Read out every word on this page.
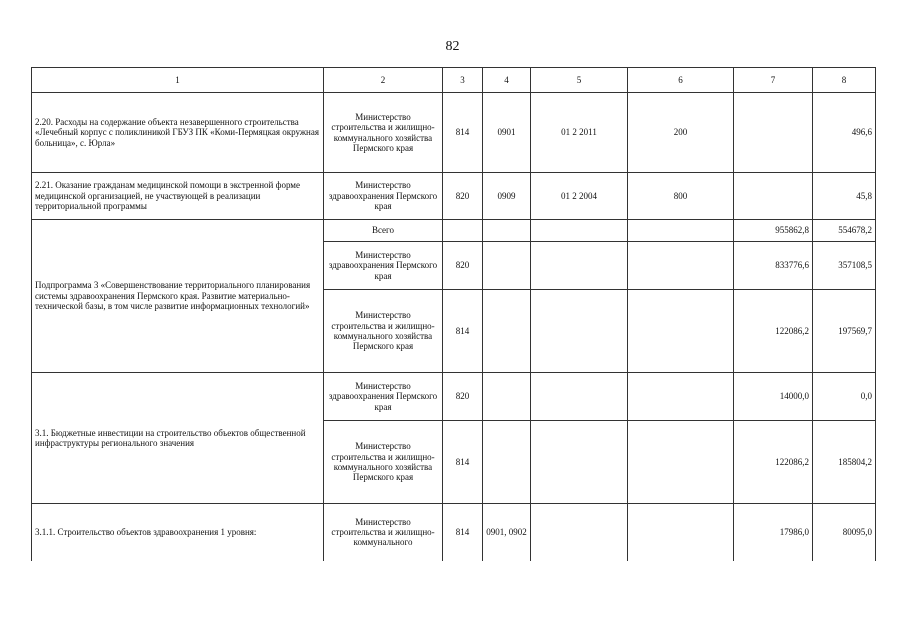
82
1	2	3	4	5	6	7	8
2.20. Расходы на содержание объекта незавершенного строительства «Лечебный корпус с поликлиникой ГБУЗ ПК «Коми-Пермяцкая окружная больница», с. Юрла»	Министерство строительства и жилищно-коммунального хозяйства Пермского края	814	0901	01 2 2011	200		496,6
2.21. Оказание гражданам медицинской помощи в экстренной форме медицинской организацией, не участвующей в реализации территориальной программы	Министерство здравоохранения Пермского края	820	0909	01 2 2004	800		45,8
Подпрограмма 3 «Совершенствование территориального планирования системы здравоохранения Пермского края. Развитие материально-технической базы, в том числе развитие информационных технологий»	Всего					955862,8	554678,2
	Министерство здравоохранения Пермского края	820				833776,6	357108,5
	Министерство строительства и жилищно-коммунального хозяйства Пермского края	814				122086,2	197569,7
3.1. Бюджетные инвестиции на строительство объектов общественной инфраструктуры регионального значения	Министерство здравоохранения Пермского края	820				14000,0	0,0
	Министерство строительства и жилищно-коммунального хозяйства Пермского края	814				122086,2	185804,2
3.1.1. Строительство объектов здравоохранения 1 уровня:	Министерство строительства и жилищно-коммунального	814	0901, 0902			17986,0	80095,0
